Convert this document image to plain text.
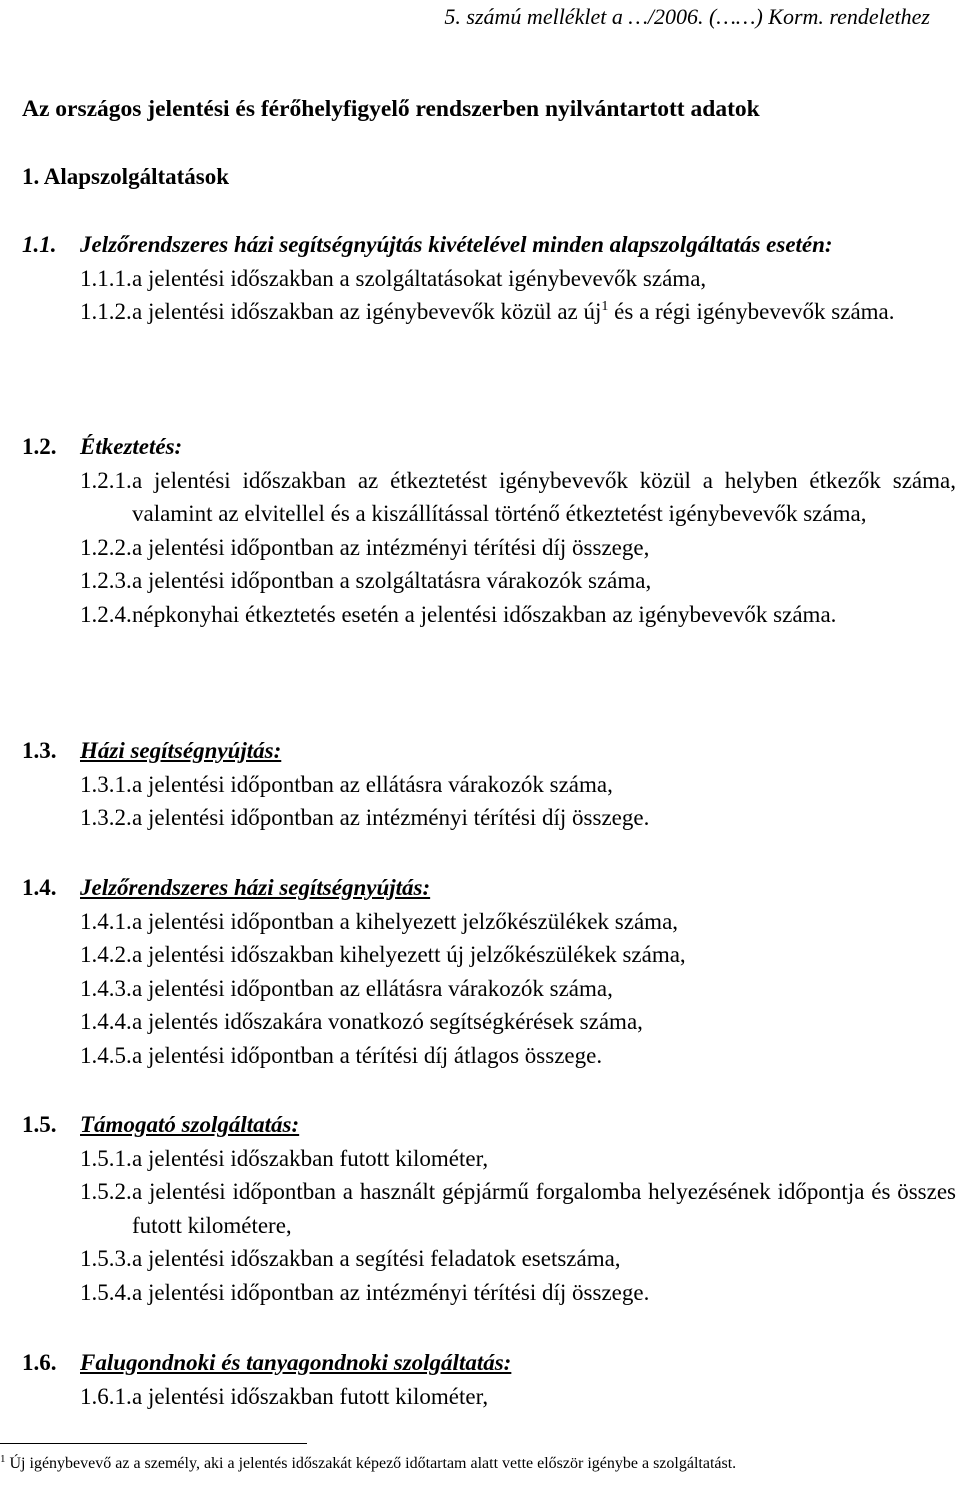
5. számú melléklet a …/2006. (……) Korm. rendelethez
Az országos jelentési és férőhelyfigyelő rendszerben nyilvántartott adatok
1. Alapszolgáltatások
1.1. Jelzőrendszeres házi segítségnyújtás kivételével minden alapszolgáltatás esetén:
1.1.1. a jelentési időszakban a szolgáltatásokat igénybevevők száma,
1.1.2. a jelentési időszakban az igénybevevők közül az $új^1$ és a régi igénybevevők száma.
1.2.	Étkeztetés:
1.2.1. a jelentési időszakban az étkeztetést igénybevevők közül a helyben étkezők száma, valamint az elvitellel és a kiszállítással történő étkeztetést igénybevevők száma,
1.2.2. a jelentési időpontban az intézményi térítési díj összege,
1.2.3. a jelentési időpontban a szolgáltatásra várakozók száma,
1.2.4. népkonyhai étkeztetés esetén a jelentési időszakban az igénybevevők száma.
1.3.	Házi segítségnyújtás:
1.3.1. a jelentési időpontban az ellátásra várakozók száma,
1.3.2. a jelentési időpontban az intézményi térítési díj összege.
1.4.	Jelzőrendszeres házi segítségnyújtás:
1.4.1. a jelentési időpontban a kihelyezett jelzőkészülékek száma,
1.4.2. a jelentési időszakban kihelyezett új jelzőkészülékek száma,
1.4.3. a jelentési időpontban az ellátásra várakozók száma,
1.4.4. a jelentés időszakára vonatkozó segítségkérések száma,
1.4.5. a jelentési időpontban a térítési díj átlagos összege.
1.5.	Támogató szolgáltatás:
1.5.1. a jelentési időszakban futott kilométer,
1.5.2. a jelentési időpontban a használt gépjármű forgalomba helyezésének időpontja és összes futott kilométere,
1.5.3. a jelentési időszakban a segítési feladatok esetszáma,
1.5.4. a jelentési időpontban az intézményi térítési díj összege.
1.6.	Falugondnoki és tanyagondnoki szolgáltatás:
1.6.1. a jelentési időszakban futott kilométer,
$^1$ Új igénybevevő az a személy, aki a jelentés időszakát képező időtartam alatt vette először igénybe a szolgáltatást.
